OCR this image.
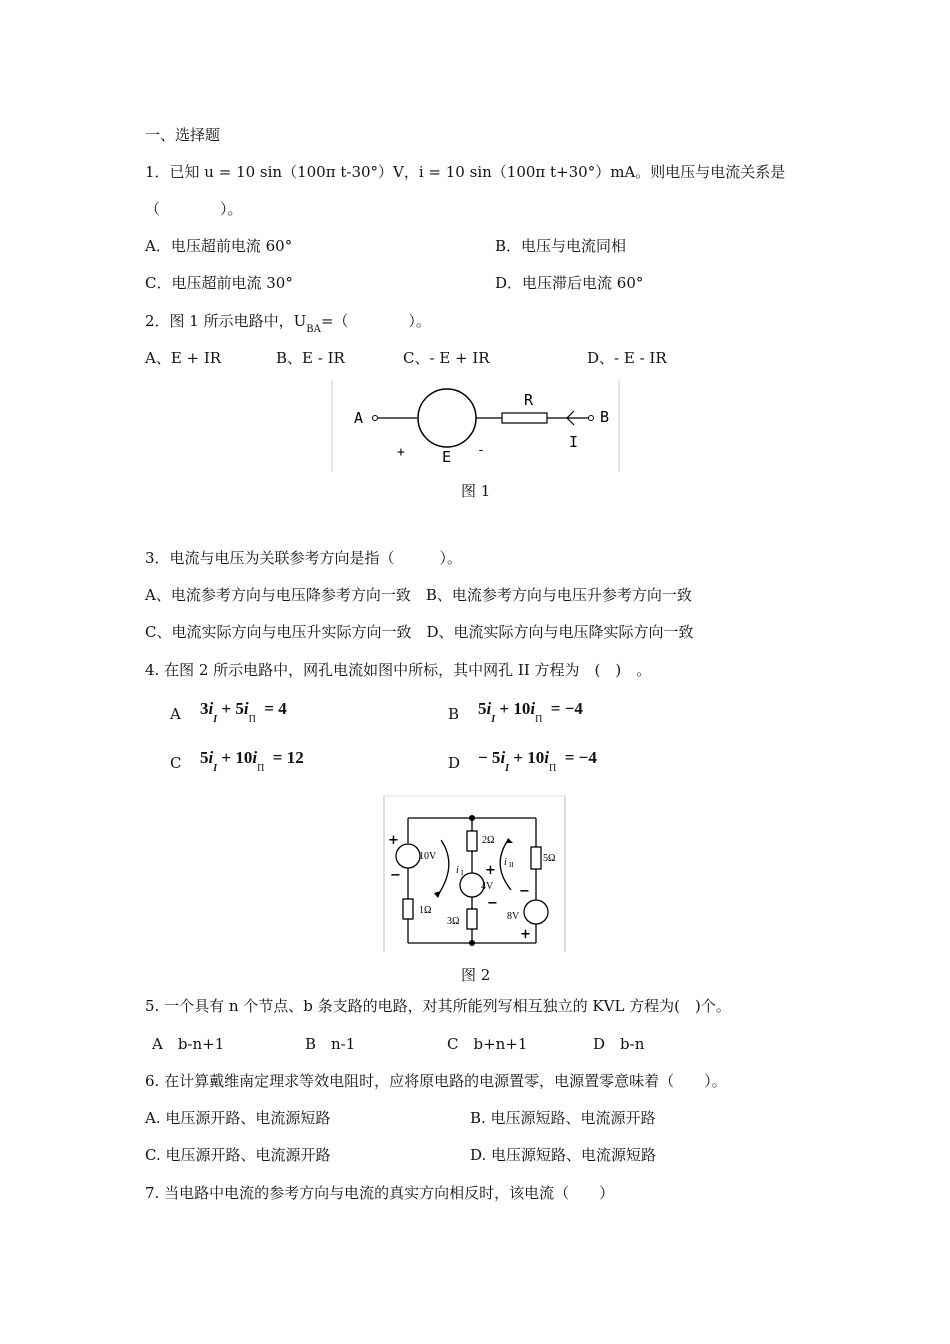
一、选择题
1．已知 u = 10 sin（100π t-30°）V，i = 10 sin（100π t+30°）mA。则电压与电流关系是
（　　　　）。
A．电压超前电流 60°	B．电压与电流同相
C．电压超前电流 30°	D．电压滞后电流 60°
2．图 1 所示电路中，$U_{BA}=$（　　　　）。
A、E + IR	B、E - IR	C、- E + IR	D、- E - IR
A	B
R
I
E
+	-
图 1
3．电流与电压为关联参考方向是指（　　　）。
A、电流参考方向与电压降参考方向一致　B、电流参考方向与电压升参考方向一致
C、电流实际方向与电压升实际方向一致　D、电流实际方向与电压降实际方向一致
4. 在图 2 所示电路中，网孔电流如图中所标，其中网孔 II 方程为　(　)　。
A $3i_I + 5i_\Pi = 4$	B $5i_I + 10i_\Pi = -4$
C $5i_I + 10i_\Pi = 12$	$D - 5i_I + 10i_\Pi = -4$
10V
1Ω
2Ω
3Ω
4V
5Ω
8V
i I
i II
+
−	+
−
−
+
图 2
5. 一个具有 n 个节点、b 条支路的电路，对其所能列写相互独立的 KVL 方程为(　)个。
A　b-n+1	B　n-1	C　b+n+1	D　b-n
6. 在计算戴维南定理求等效电阻时，应将原电路的电源置零，电源置零意味着（　　）。
A. 电压源开路、电流源短路	B. 电压源短路、电流源开路
C. 电压源开路、电流源开路	D. 电压源短路、电流源短路
7. 当电路中电流的参考方向与电流的真实方向相反时，该电流（　　）
